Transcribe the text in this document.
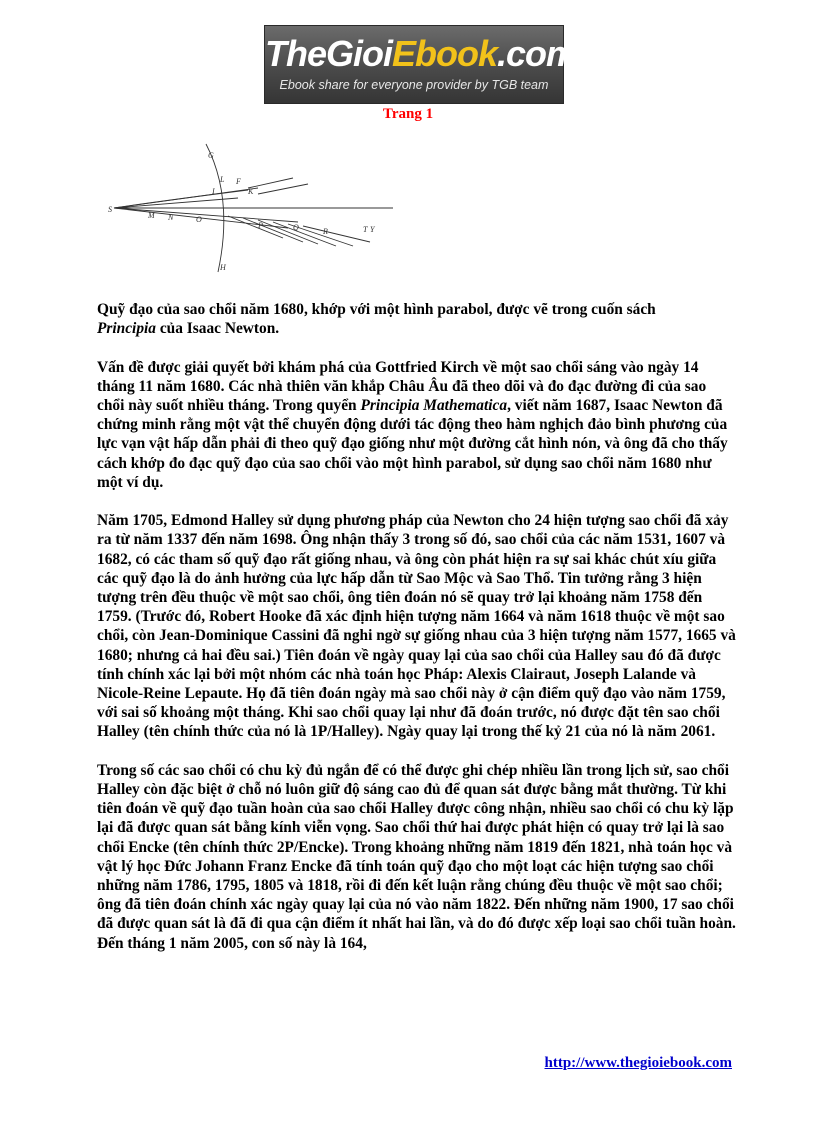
TheGioiEbook.com
Ebook share for everyone provider by TGB team
Trang 1
G
S
M N	O
P	Q	R	T Y
H
F
K
L
I

Quỹ đạo của sao chổi năm 1680, khớp với một hình parabol, được vẽ trong cuốn sách
Principia của Isaac Newton.

Vấn đề được giải quyết bởi khám phá của Gottfried Kirch về một sao chổi sáng vào ngày 14 tháng 11 năm 1680. Các nhà thiên văn khắp Châu Âu đã theo dõi và đo đạc đường đi của sao chổi này suốt nhiều tháng. Trong quyển Principia Mathematica, viết năm 1687, Isaac Newton đã chứng minh rằng một vật thể chuyển động dưới tác động theo hàm nghịch đảo bình phương của lực vạn vật hấp dẫn phải đi theo quỹ đạo giống như một đường cắt hình nón, và ông đã cho thấy cách khớp đo đạc quỹ đạo của sao chổi vào một hình parabol, sử dụng sao chổi năm 1680 như một ví dụ.

Năm 1705, Edmond Halley sử dụng phương pháp của Newton cho 24 hiện tượng sao chổi đã xảy ra từ năm 1337 đến năm 1698. Ông nhận thấy 3 trong số đó, sao chổi của các năm 1531, 1607 và 1682, có các tham số quỹ đạo rất giống nhau, và ông còn phát hiện ra sự sai khác chút xíu giữa các quỹ đạo là do ảnh hưởng của lực hấp dẫn từ Sao Mộc và Sao Thổ. Tin tưởng rằng 3 hiện tượng trên đều thuộc về một sao chổi, ông tiên đoán nó sẽ quay trở lại khoảng năm 1758 đến 1759. (Trước đó, Robert Hooke đã xác định hiện tượng năm 1664 và năm 1618 thuộc về một sao chổi, còn Jean-Dominique Cassini đã nghi ngờ sự giống nhau của 3 hiện tượng năm 1577, 1665 và 1680; nhưng cả hai đều sai.) Tiên đoán về ngày quay lại của sao chổi của Halley sau đó đã được tính chính xác lại bởi một nhóm các nhà toán học Pháp: Alexis Clairaut, Joseph Lalande và Nicole-Reine Lepaute. Họ đã tiên đoán ngày mà sao chổi này ở cận điểm quỹ đạo vào năm 1759, với sai số khoảng một tháng. Khi sao chổi quay lại như đã đoán trước, nó được đặt tên sao chổi Halley (tên chính thức của nó là 1P/Halley). Ngày quay lại trong thế kỷ 21 của nó là năm 2061.

Trong số các sao chổi có chu kỳ đủ ngắn để có thể được ghi chép nhiều lần trong lịch sử, sao chổi Halley còn đặc biệt ở chỗ nó luôn giữ độ sáng cao đủ để quan sát được bằng mắt thường. Từ khi tiên đoán về quỹ đạo tuần hoàn của sao chổi Halley được công nhận, nhiều sao chổi có chu kỳ lặp lại đã được quan sát bằng kính viễn vọng. Sao chổi thứ hai được phát hiện có quay trở lại là sao chổi Encke (tên chính thức 2P/Encke). Trong khoảng những năm 1819 đến 1821, nhà toán học và vật lý học Đức Johann Franz Encke đã tính toán quỹ đạo cho một loạt các hiện tượng sao chổi những năm 1786, 1795, 1805 và 1818, rồi đi đến kết luận rằng chúng đều thuộc về một sao chổi; ông đã tiên đoán chính xác ngày quay lại của nó vào năm 1822. Đến những năm 1900, 17 sao chổi đã được quan sát là đã đi qua cận điểm ít nhất hai lần, và do đó được xếp loại sao chổi tuần hoàn. Đến tháng 1 năm 2005, con số này là 164,

http://www.thegioiebook.com
